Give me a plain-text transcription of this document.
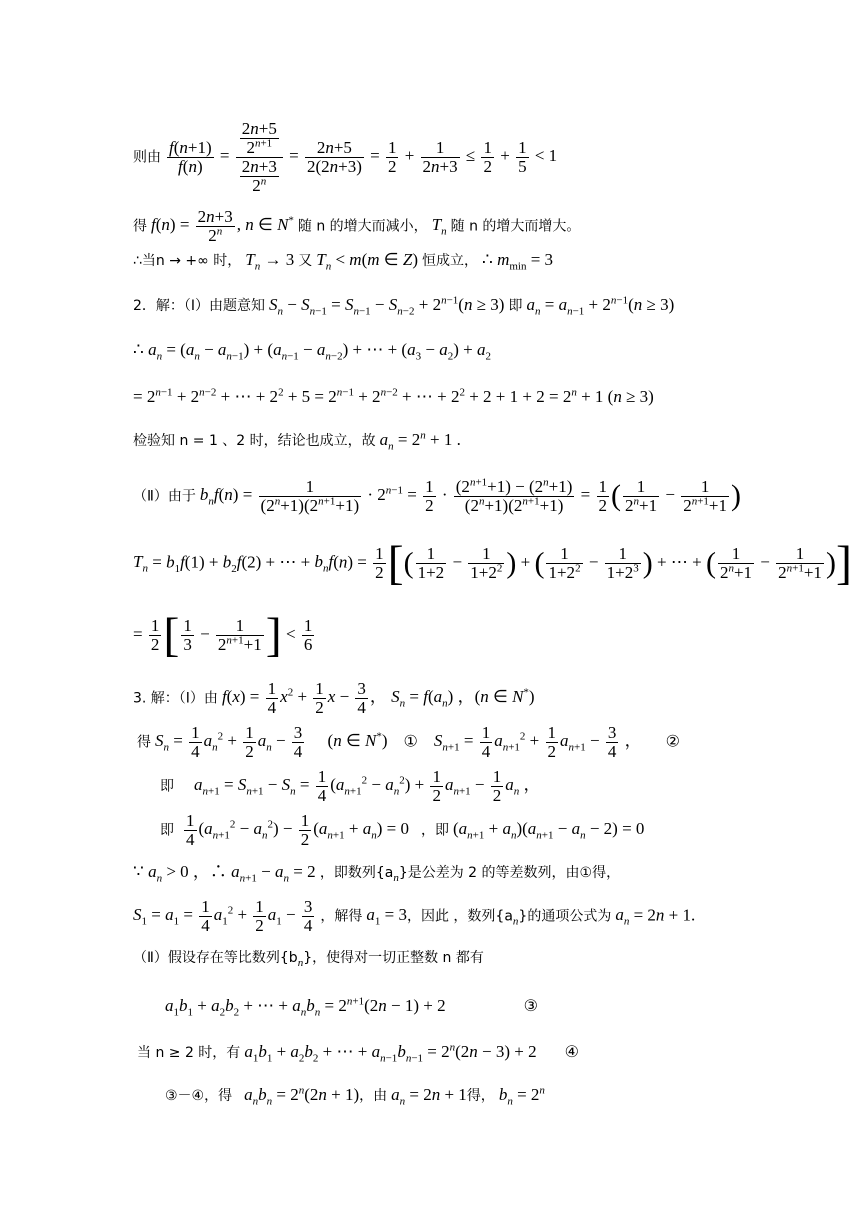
则由 $\frac{f(n+1)}{f(n)} = \frac{\frac{2n+5}{2^{n+1}}}{\frac{2n+3}{2^n}} = \frac{2n+5}{2(2n+3)} = \frac{1}{2} + \frac{1}{2n+3} \le \frac{1}{2} + \frac{1}{5} < 1$
得 $f(n) = \frac{2n+3}{2^n}$ , n ∈ N* 随 n 的增大而减小， $T_n$ 随 n 的增大而增大。
∴当n → +∞ 时， $T_n \to 3$ 又 $T_n < m(m$ ∈ Z) 恒成立， ∴ $m_{min} = 3$
2．解：（Ⅰ）由题意知 $S_n - S_{n-1} = S_{n-1} - S_{n-2} + 2^{n-1}(n \ge 3)$ 即 $a_n = a_{n-1} + 2^{n-1}(n \ge 3)$
∴ $a_n = (a_n - a_{n-1}) + (a_{n-1} - a_{n-2})$ + ⋯ + $(a_3 - a_2) + a_2$
= $2^{n-1} + 2^{n-2}$ + ⋯ + $2^2 + 5 = 2^{n-1} + 2^{n-2}$ + ⋯ + $2^2 + 2 + 1 + 2 = 2^n + 1$ (n ≥ 3)
检验知 n = 1 、2 时，结论也成立，故 $a_n = 2^n + 1$ .
（Ⅱ）由于 $b_nf(n) = \frac{1}{(2^n+1)(2^{n+1}+1)} \cdot 2^{n-1} = \frac{1}{2} \cdot \frac{(2^{n+1}+1) - (2^n+1)}{(2^n+1)(2^{n+1}+1)} = \frac{1}{2}$ ( $\frac{1}{2^n+1} - \frac{1}{2^{n+1}+1}$ )
$T_n = b_1f(1) + b_2f(2)$ + ⋯ + $b_nf(n) = \frac{1}{2}$ [( $\frac{1}{1+2} - \frac{1}{1+2^2}$ ) + ( $\frac{1}{1+2^2} - \frac{1}{1+2^3}$ ) + ⋯ + ( $\frac{1}{2^n+1} - \frac{1}{2^{n+1}+1}$ )]
= $\frac{1}{2}$ [ $\frac{1}{3} - \frac{1}{2^{n+1}+1}$ ] < $\frac{1}{6}$
3. 解：（Ⅰ）由 $f(x) = \frac{1}{4} x^2 + \frac{1}{2}$ $x - \frac{3}{4}$ ， $S_n = f(a_n)$ ，(n ∈ N*)
得 $S_n = \frac{1}{4} a_n^2 + \frac{1}{2} a_n - \frac{3}{4} (n$ ∈ N*) ① $S_{n+1} = \frac{1}{4} a_{n+1}^2 + \frac{1}{2} a_{n+1} - \frac{3}{4}$ ， ②
即 $a_{n+1} = S_{n+1} - S_n = \frac{1}{4} (a_{n+1}^2 - a_n^2) + \frac{1}{2} a_{n+1} - \frac{1}{2} a_n$ ，
即 $\frac{1}{4} (a_{n+1}^2 - a_n^2) - \frac{1}{2} (a_{n+1} + a_n) = 0$ ，即 $(a_{n+1} + a_n)(a_{n+1} - a_n - 2) = 0$
∵ $a_n > 0$ ，∴ $a_{n+1} - a_n = 2$ ，即数列$\{a_n\}$是公差为 2 的等差数列，由①得，
$S_1 = a_1 = \frac{1}{4} a_1^2 + \frac{1}{2} a_1 - \frac{3}{4}$ ，解得 $a_1 = 3$，因此 ，数列$\{a_n\}$的通项公式为 $a_n = 2n + 1$.
（Ⅱ）假设存在等比数列$\{b_n\}$，使得对一切正整数 n 都有
$a_1b_1 + a_2b_2$ + ⋯ + $a_nb_n = 2^{n+1}(2n - 1) + 2$	③
当 n ≥ 2 时，有 $a_1b_1 + a_2b_2$ + ⋯ + $a_{n-1}b_{n-1} = 2^n(2n - 3) + 2$ ④
③－④，得 $a_nb_n = 2^n(2n + 1)$，由 $a_n = 2n + 1$得， $b_n = 2^n$
